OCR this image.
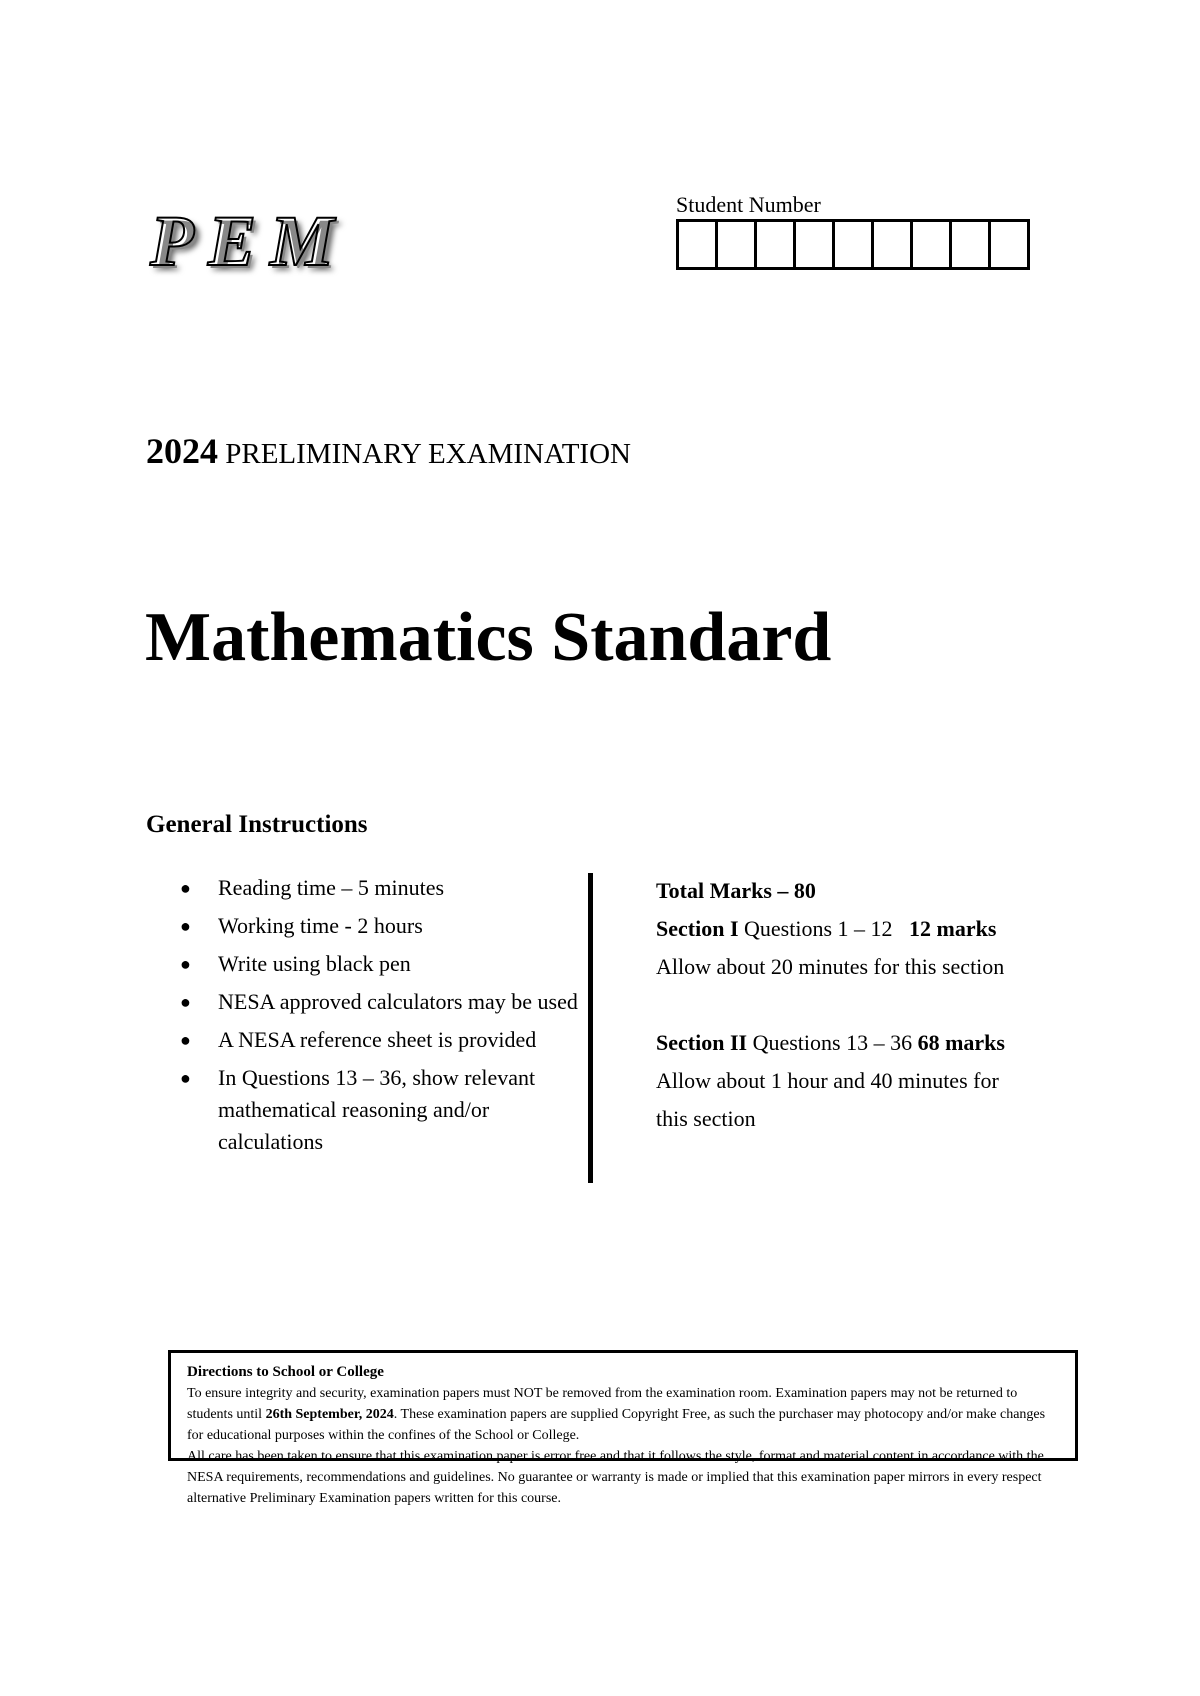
PEM	Student Number
2024 PRELIMINARY EXAMINATION
Mathematics Standard
General Instructions
●	Reading time – 5 minutes
●	Working time - 2 hours
●	Write using black pen
●	NESA approved calculators may be used
●	A NESA reference sheet is provided
●	In Questions 13 – 36, show relevant mathematical reasoning and/or calculations
Total Marks – 80
Section I Questions 1 – 12 12 marks
Allow about 20 minutes for this section
Section II Questions 13 – 36 68 marks
Allow about 1 hour and 40 minutes for
this section
Directions to School or College

To ensure integrity and security, examination papers must NOT be removed from the examination room. Examination papers may not be returned to students until 26th September, 2024. These examination papers are supplied Copyright Free, as such the purchaser may photocopy and/or make changes for educational purposes within the confines of the School or College.

All care has been taken to ensure that this examination paper is error free and that it follows the style, format and material content in accordance with the NESA requirements, recommendations and guidelines. No guarantee or warranty is made or implied that this examination paper mirrors in every respect alternative Preliminary Examination papers written for this course.
